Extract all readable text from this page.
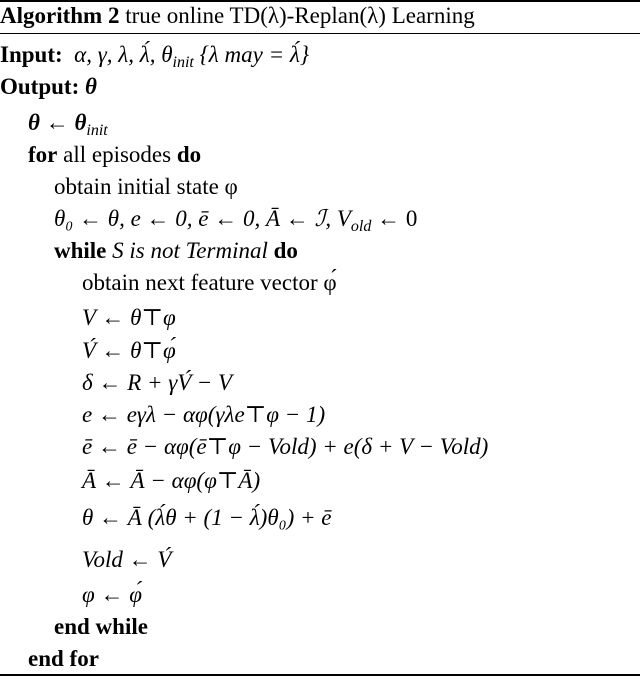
Algorithm 2 true online TD(λ)-Replan(λ) Learning
Input: α, γ, λ, λ́, $\theta_{init}$ {λ may = λ́}
Output: θ
θ ← $\theta_{init}$
for all episodes do
obtain initial state φ
θ₀ ← θ, e ← 0, ē ← 0, Ā ← ℐ, $V_{old}$ ← 0
while S is not Terminal do
obtain next feature vector φ́
V ← θ⊤φ
V́ ← θ⊤φ́
δ ← R + γV́ − V
e ← eγλ − αφ(γλe⊤φ − 1)
ē ← ē − αφ(ē⊤φ − Vold) + e(δ + V − Vold)
Ā ← Ā − αφ(φ⊤Ā)
θ ← Ā (λ́θ + (1 − λ́)θ₀) + ē
Vold ← V́
φ ← φ́
end while
end for
